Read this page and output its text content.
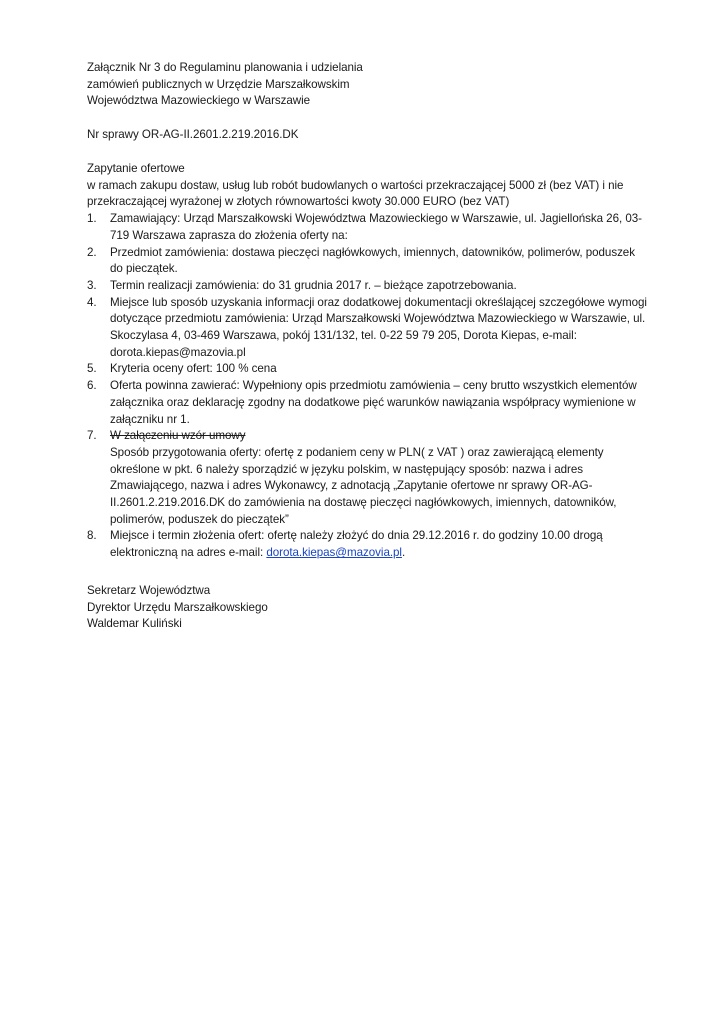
Załącznik Nr 3 do Regulaminu planowania i udzielania
zamówień publicznych w Urzędzie Marszałkowskim
Województwa Mazowieckiego w Warszawie
Nr sprawy OR-AG-II.2601.2.219.2016.DK

Zapytanie ofertowe

w ramach zakupu dostaw, usług lub robót budowlanych o wartości przekraczającej 5000 zł (bez VAT) i nie przekraczającej wyrażonej w złotych równowartości kwoty 30.000 EURO (bez VAT)

1. Zamawiający: Urząd Marszałkowski Województwa Mazowieckiego w Warszawie, ul. Jagiellońska 26, 03-719 Warszawa zaprasza do złożenia oferty na:
2. Przedmiot zamówienia: dostawa pieczęci nagłówkowych, imiennych, datowników, polimerów, poduszek do pieczątek.
3. Termin realizacji zamówienia: do 31 grudnia 2017 r. – bieżące zapotrzebowania.
4. Miejsce lub sposób uzyskania informacji oraz dodatkowej dokumentacji określającej szczegółowe wymogi dotyczące przedmiotu zamówienia: Urząd Marszałkowski Województwa Mazowieckiego w Warszawie, ul. Skoczylasa 4, 03-469 Warszawa, pokój 131/132, tel. 0-22 59 79 205, Dorota Kiepas, e-mail: dorota.kiepas@mazovia.pl
5. Kryteria oceny ofert: 100 % cena
6. Oferta powinna zawierać: Wypełniony opis przedmiotu zamówienia – ceny brutto wszystkich elementów załącznika oraz deklarację zgodny na dodatkowe pięć warunków nawiązania współpracy wymienione w załączniku nr 1.
7. W załączeniu wzór umowy
Sposób przygotowania oferty: ofertę z podaniem ceny w PLN( z VAT ) oraz zawierającą elementy określone w pkt. 6 należy sporządzić w języku polskim, w następujący sposób: nazwa i adres Zmawiającego, nazwa i adres Wykonawcy, z adnotacją „Zapytanie ofertowe nr sprawy OR-AG-II.2601.2.219.2016.DK do zamówienia na dostawę pieczęci nagłówkowych, imiennych, datowników, polimerów, poduszek do pieczątek”
8. Miejsce i termin złożenia ofert: ofertę należy złożyć do dnia 29.12.2016 r. do godziny 10.00 drogą elektroniczną na adres e-mail: dorota.kiepas@mazovia.pl.
Sekretarz Województwa
Dyrektor Urzędu Marszałkowskiego
Waldemar Kuliński
